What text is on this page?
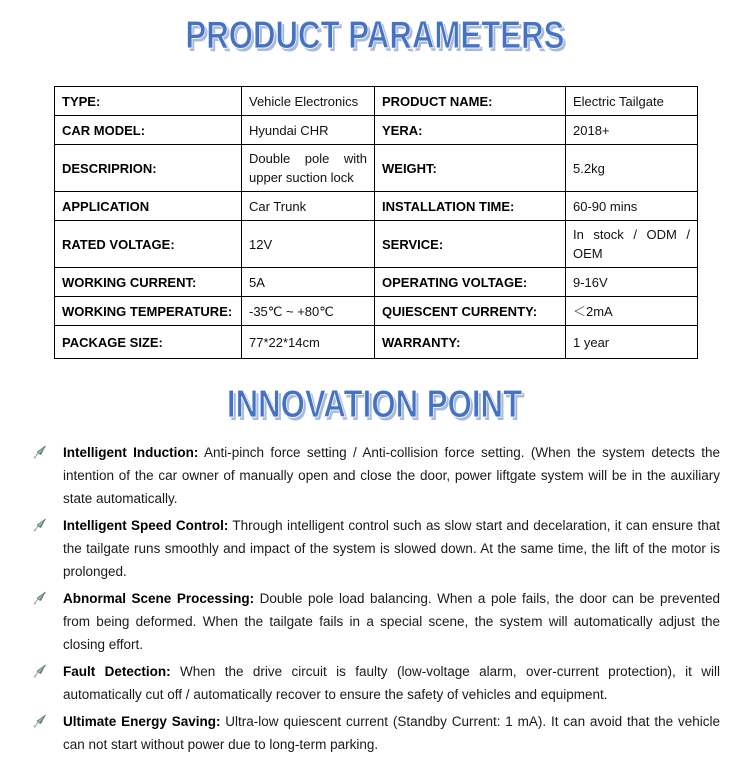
PRODUCT PARAMETERS
TYPE:	Vehicle Electronics	PRODUCT NAME:	Electric Tailgate
CAR MODEL:	Hyundai CHR	YERA:	2018+
DESCRIPRION:	Double pole with upper suction lock	WEIGHT:	5.2kg
APPLICATION	Car Trunk	INSTALLATION TIME:	60-90 mins
RATED VOLTAGE:	12V	SERVICE:	In stock / ODM / OEM
WORKING CURRENT:	5A	OPERATING VOLTAGE:	9-16V
WORKING TEMPERATURE:	-35℃ ~ +80℃	QUIESCENT CURRENTY:	＜2mA
PACKAGE SIZE:	77*22*14cm	WARRANTY:	1 year
INNOVATION POINT

Intelligent Induction: Anti-pinch force setting / Anti-collision force setting. (When the system detects the intention of the car owner of manually open and close the door, power liftgate system will be in the auxiliary state automatically.

Intelligent Speed Control: Through intelligent control such as slow start and decelaration, it can ensure that the tailgate runs smoothly and impact of the system is slowed down. At the same time, the lift of the motor is prolonged.

Abnormal Scene Processing: Double pole load balancing. When a pole fails, the door can be prevented from being deformed. When the tailgate fails in a special scene, the system will automatically adjust the closing effort.

Fault Detection: When the drive circuit is faulty (low-voltage alarm, over-current protection), it will automatically cut off / automatically recover to ensure the safety of vehicles and equipment.

Ultimate Energy Saving: Ultra-low quiescent current (Standby Current: 1 mA). It can avoid that the vehicle can not start without power due to long-term parking.
